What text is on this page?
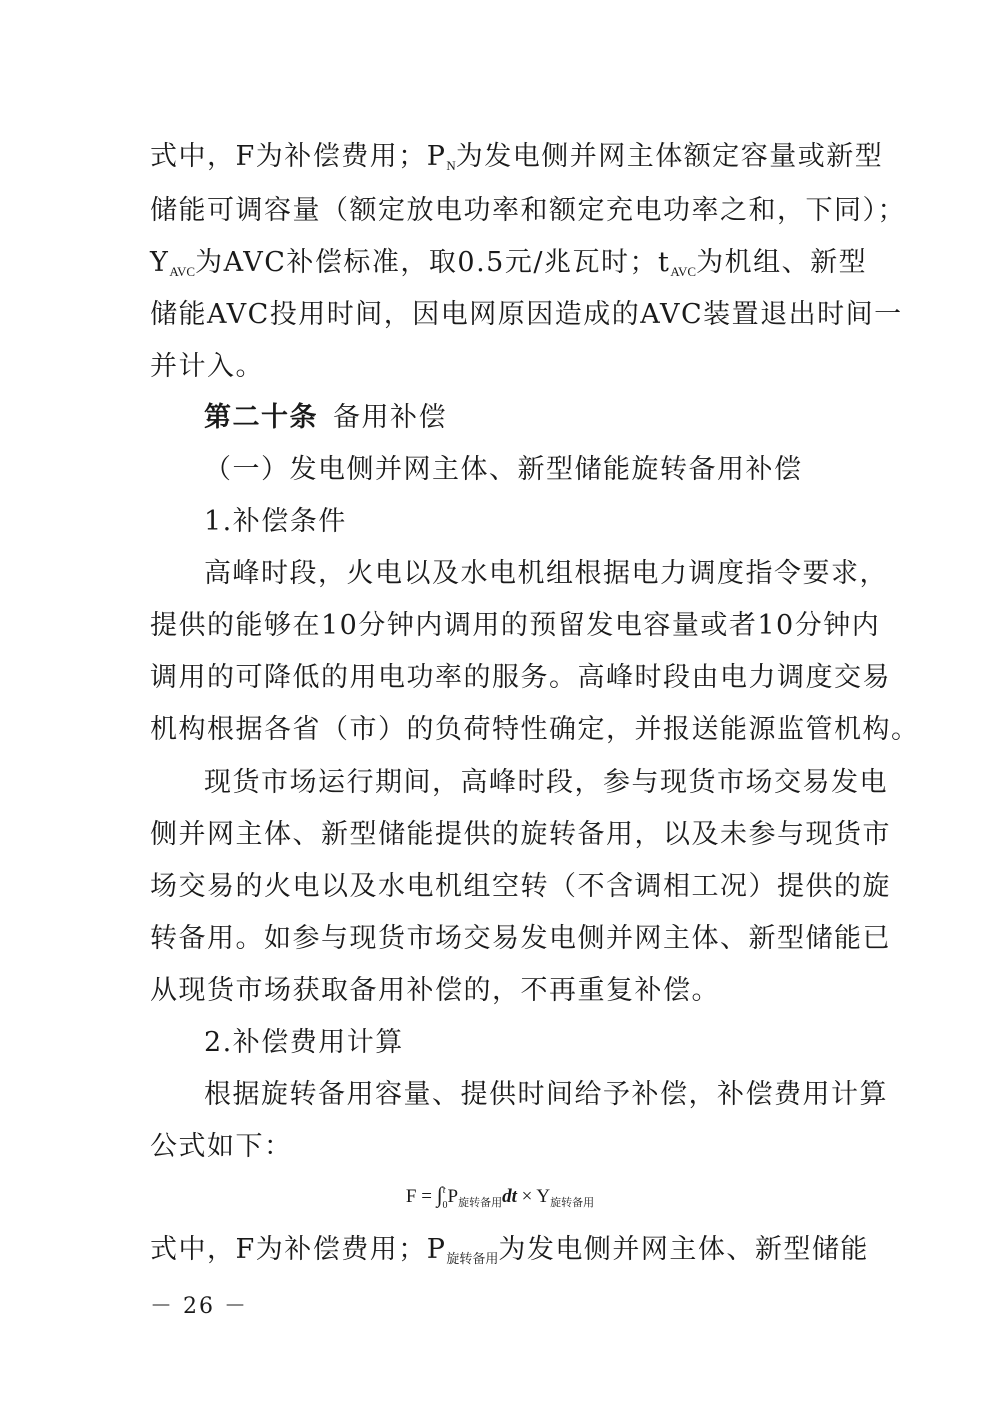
式中，F为补偿费用；$P_N$为发电侧并网主体额定容量或新型
储能可调容量（额定放电功率和额定充电功率之和，下同）；
$Y_{AVC}$为AVC补偿标准，取0.5元/兆瓦时；$t_{AVC}$为机组、新型
储能AVC投用时间，因电网原因造成的AVC装置退出时间一
并计入。
第二十条  备用补偿
（一）发电侧并网主体、新型储能旋转备用补偿
1.补偿条件
高峰时段，火电以及水电机组根据电力调度指令要求，
提供的能够在10分钟内调用的预留发电容量或者10分钟内
调用的可降低的用电功率的服务。高峰时段由电力调度交易
机构根据各省（市）的负荷特性确定，并报送能源监管机构。
现货市场运行期间，高峰时段，参与现货市场交易发电
侧并网主体、新型储能提供的旋转备用，以及未参与现货市
场交易的火电以及水电机组空转（不含调相工况）提供的旋
转备用。如参与现货市场交易发电侧并网主体、新型储能已
从现货市场获取备用补偿的，不再重复补偿。
2.补偿费用计算
根据旋转备用容量、提供时间给予补偿，补偿费用计算
公式如下：
$F = \int^t_0P_{旋转备用}dt \times Y_{旋转备用}$
式中，F为补偿费用；$P_{旋转备用}$为发电侧并网主体、新型储能
－ 26 －
